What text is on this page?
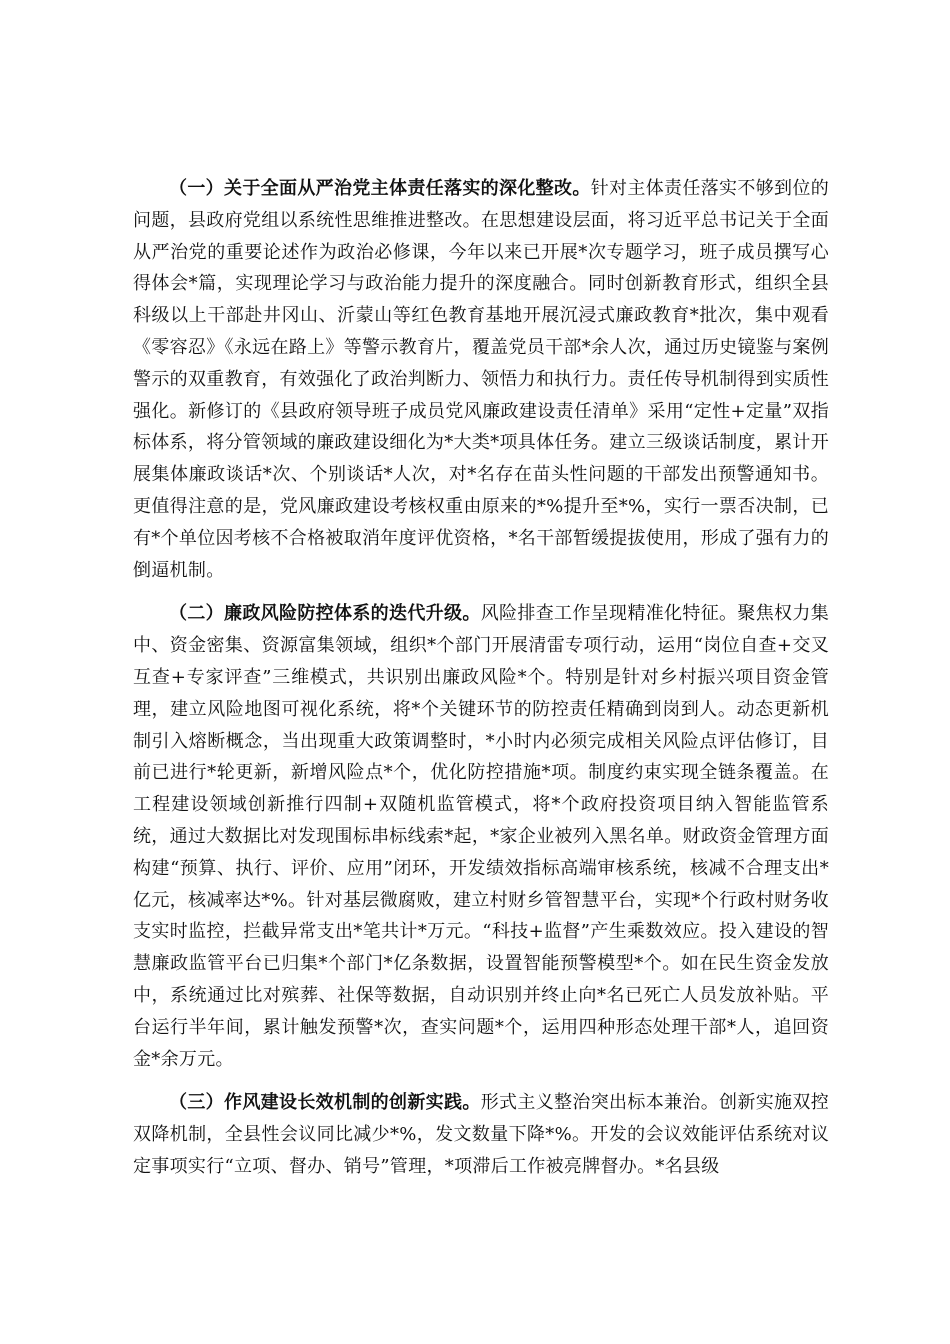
（一）关于全面从严治党主体责任落实的深化整改。针对主体责任落实不够到位的问题，县政府党组以系统性思维推进整改。在思想建设层面，将习近平总书记关于全面从严治党的重要论述作为政治必修课，今年以来已开展*次专题学习，班子成员撰写心得体会*篇，实现理论学习与政治能力提升的深度融合。同时创新教育形式，组织全县科级以上干部赴井冈山、沂蒙山等红色教育基地开展沉浸式廉政教育*批次，集中观看《零容忍》《永远在路上》等警示教育片，覆盖党员干部*余人次，通过历史镜鉴与案例警示的双重教育，有效强化了政治判断力、领悟力和执行力。责任传导机制得到实质性强化。新修订的《县政府领导班子成员党风廉政建设责任清单》采用“定性+定量”双指标体系，将分管领域的廉政建设细化为*大类*项具体任务。建立三级谈话制度，累计开展集体廉政谈话*次、个别谈话*人次，对*名存在苗头性问题的干部发出预警通知书。更值得注意的是，党风廉政建设考核权重由原来的*%提升至*%，实行一票否决制，已有*个单位因考核不合格被取消年度评优资格，*名干部暂缓提拔使用，形成了强有力的倒逼机制。

（二）廉政风险防控体系的迭代升级。风险排查工作呈现精准化特征。聚焦权力集中、资金密集、资源富集领域，组织*个部门开展清雷专项行动，运用“岗位自查+交叉互查+专家评查”三维模式，共识别出廉政风险*个。特别是针对乡村振兴项目资金管理，建立风险地图可视化系统，将*个关键环节的防控责任精确到岗到人。动态更新机制引入熔断概念，当出现重大政策调整时，*小时内必须完成相关风险点评估修订，目前已进行*轮更新，新增风险点*个，优化防控措施*项。制度约束实现全链条覆盖。在工程建设领域创新推行四制+双随机监管模式，将*个政府投资项目纳入智能监管系统，通过大数据比对发现围标串标线索*起，*家企业被列入黑名单。财政资金管理方面构建“预算、执行、评价、应用”闭环，开发绩效指标高端审核系统，核减不合理支出*亿元，核减率达*%。针对基层微腐败，建立村财乡管智慧平台，实现*个行政村财务收支实时监控，拦截异常支出*笔共计*万元。“科技+监督”产生乘数效应。投入建设的智慧廉政监管平台已归集*个部门*亿条数据，设置智能预警模型*个。如在民生资金发放中，系统通过比对殡葬、社保等数据，自动识别并终止向*名已死亡人员发放补贴。平台运行半年间，累计触发预警*次，查实问题*个，运用四种形态处理干部*人，追回资金*余万元。

（三）作风建设长效机制的创新实践。形式主义整治突出标本兼治。创新实施双控双降机制，全县性会议同比减少*%，发文数量下降*%。开发的会议效能评估系统对议定事项实行“立项、督办、销号”管理，*项滞后工作被亮牌督办。*名县级
